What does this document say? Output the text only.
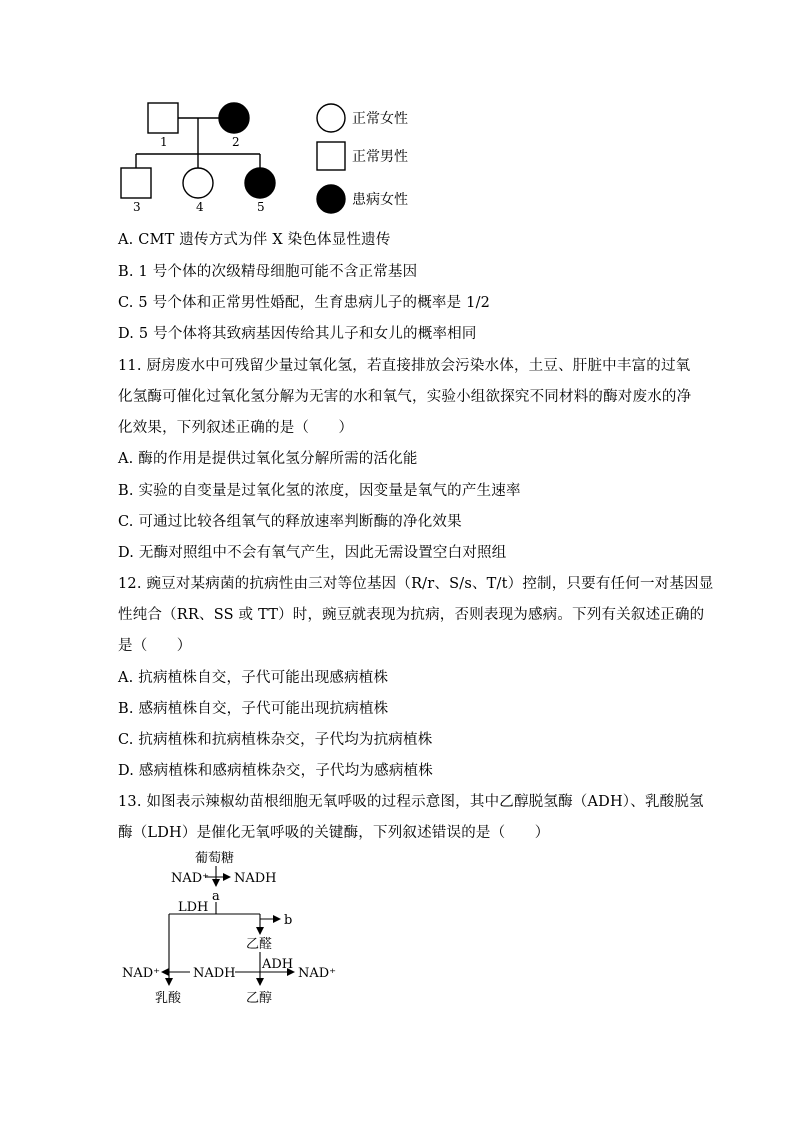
1	2
3	4	5
正常女性
正常男性
患病女性
A. CMT 遗传方式为伴 X 染色体显性遗传
B. 1 号个体的次级精母细胞可能不含正常基因
C. 5 号个体和正常男性婚配，生育患病儿子的概率是 1/2
D. 5 号个体将其致病基因传给其儿子和女儿的概率相同
11. 厨房废水中可残留少量过氧化氢，若直接排放会污染水体，土豆、肝脏中丰富的过氧
化氢酶可催化过氧化氢分解为无害的水和氧气，实验小组欲探究不同材料的酶对废水的净
化效果，下列叙述正确的是（　　）
A. 酶的作用是提供过氧化氢分解所需的活化能
B. 实验的自变量是过氧化氢的浓度，因变量是氧气的产生速率
C. 可通过比较各组氧气的释放速率判断酶的净化效果
D. 无酶对照组中不会有氧气产生，因此无需设置空白对照组
12. 豌豆对某病菌的抗病性由三对等位基因（R/r、S/s、T/t）控制，只要有任何一对基因显
性纯合（RR、SS 或 TT）时，豌豆就表现为抗病，否则表现为感病。下列有关叙述正确的
是（　　）
A. 抗病植株自交，子代可能出现感病植株
B. 感病植株自交，子代可能出现抗病植株
C. 抗病植株和抗病植株杂交，子代均为抗病植株
D. 感病植株和感病植株杂交，子代均为感病植株
13. 如图表示辣椒幼苗根细胞无氧呼吸的过程示意图，其中乙醇脱氢酶（ADH）、乳酸脱氢
酶（LDH）是催化无氧呼吸的关键酶，下列叙述错误的是（　　）
葡萄糖
NAD⁺ NADH
a
LDH
b
乙醛
ADH
NAD⁺	NADH	NAD⁺
乳酸	乙醇
